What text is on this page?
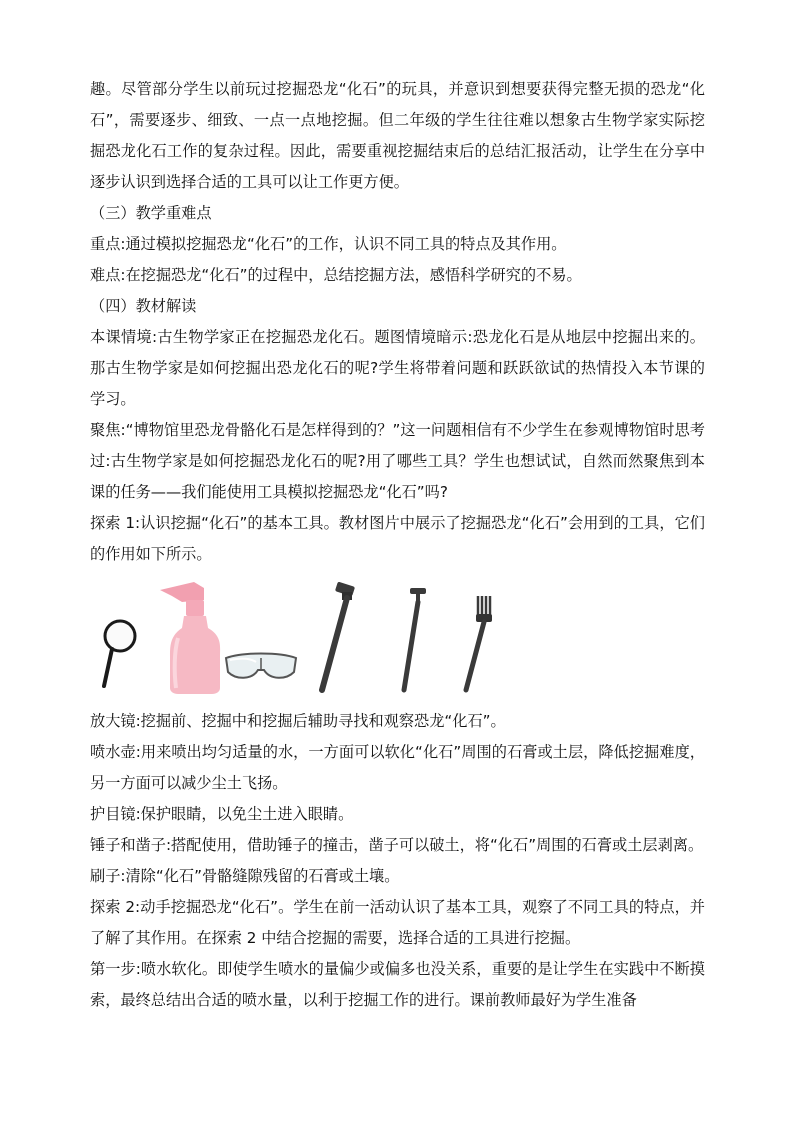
趣。尽管部分学生以前玩过挖掘恐龙“化石”的玩具，并意识到想要获得完整无损的恐龙“化石”，需要逐步、细致、一点一点地挖掘。但二年级的学生往往难以想象古生物学家实际挖掘恐龙化石工作的复杂过程。因此，需要重视挖掘结束后的总结汇报活动，让学生在分享中逐步认识到选择合适的工具可以让工作更方便。

（三）教学重难点

重点:通过模拟挖掘恐龙“化石”的工作，认识不同工具的特点及其作用。

难点:在挖掘恐龙“化石”的过程中，总结挖掘方法，感悟科学研究的不易。

（四）教材解读

本课情境:古生物学家正在挖掘恐龙化石。题图情境暗示:恐龙化石是从地层中挖掘出来的。那古生物学家是如何挖掘出恐龙化石的呢?学生将带着问题和跃跃欲试的热情投入本节课的学习。

聚焦:“博物馆里恐龙骨骼化石是怎样得到的？”这一问题相信有不少学生在参观博物馆时思考过:古生物学家是如何挖掘恐龙化石的呢?用了哪些工具？学生也想试试，自然而然聚焦到本课的任务——我们能使用工具模拟挖掘恐龙“化石”吗?

探索 1:认识挖掘“化石”的基本工具。教材图片中展示了挖掘恐龙“化石”会用到的工具，它们的作用如下所示。

放大镜:挖掘前、挖掘中和挖掘后辅助寻找和观察恐龙“化石”。

喷水壶:用来喷出均匀适量的水，一方面可以软化“化石”周围的石膏或土层，降低挖掘难度，另一方面可以减少尘土飞扬。

护目镜:保护眼睛，以免尘土进入眼睛。

锤子和凿子:搭配使用，借助锤子的撞击，凿子可以破土，将“化石”周围的石膏或土层剥离。

刷子:清除“化石”骨骼缝隙残留的石膏或土壤。

探索 2:动手挖掘恐龙“化石”。学生在前一活动认识了基本工具，观察了不同工具的特点，并了解了其作用。在探索 2 中结合挖掘的需要，选择合适的工具进行挖掘。

第一步:喷水软化。即使学生喷水的量偏少或偏多也没关系，重要的是让学生在实践中不断摸索，最终总结出合适的喷水量，以利于挖掘工作的进行。课前教师最好为学生准备
